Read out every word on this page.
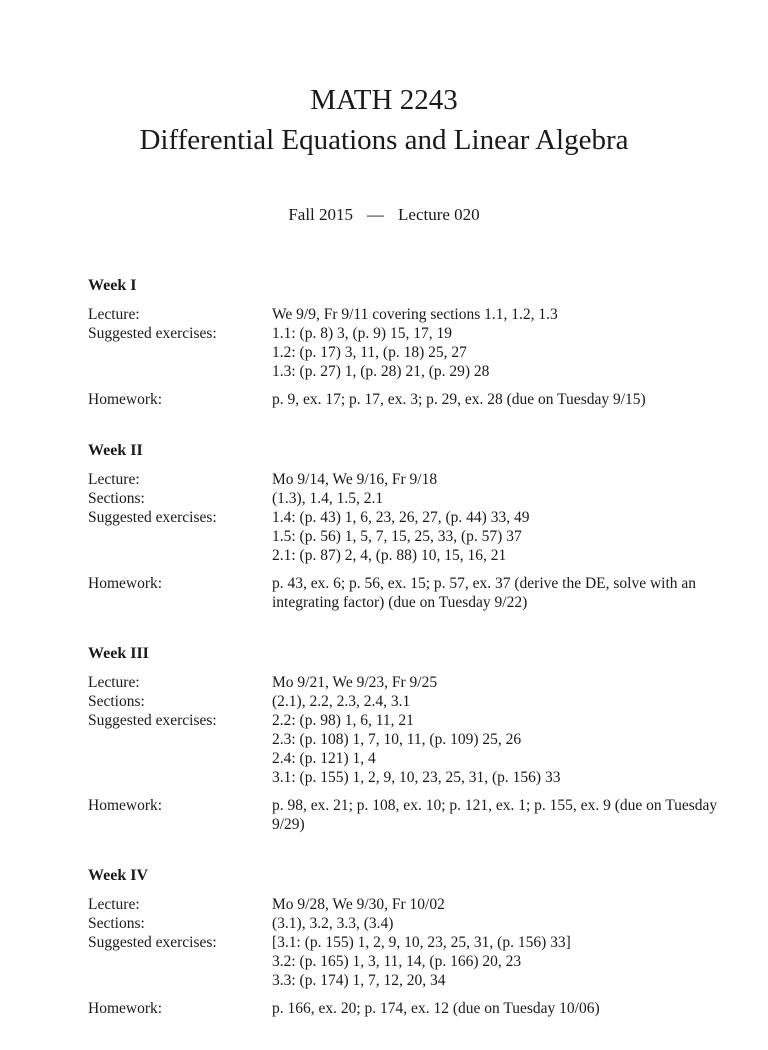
MATH 2243
Differential Equations and Linear Algebra
Fall 2015 — Lecture 020
Week I
Lecture:	We 9/9, Fr 9/11 covering sections 1.1, 1.2, 1.3
Suggested exercises:	1.1: (p. 8) 3, (p. 9) 15, 17, 19
1.2: (p. 17) 3, 11, (p. 18) 25, 27
1.3: (p. 27) 1, (p. 28) 21, (p. 29) 28
Homework:	p. 9, ex. 17; p. 17, ex. 3; p. 29, ex. 28 (due on Tuesday 9/15)
Week II
Lecture:	Mo 9/14, We 9/16, Fr 9/18
Sections:	(1.3), 1.4, 1.5, 2.1
Suggested exercises:	1.4: (p. 43) 1, 6, 23, 26, 27, (p. 44) 33, 49
1.5: (p. 56) 1, 5, 7, 15, 25, 33, (p. 57) 37
2.1: (p. 87) 2, 4, (p. 88) 10, 15, 16, 21
Homework:	p. 43, ex. 6; p. 56, ex. 15; p. 57, ex. 37 (derive the DE, solve with an
integrating factor) (due on Tuesday 9/22)
Week III
Lecture:	Mo 9/21, We 9/23, Fr 9/25
Sections:	(2.1), 2.2, 2.3, 2.4, 3.1
Suggested exercises:	2.2: (p. 98) 1, 6, 11, 21
2.3: (p. 108) 1, 7, 10, 11, (p. 109) 25, 26
2.4: (p. 121) 1, 4
3.1: (p. 155) 1, 2, 9, 10, 23, 25, 31, (p. 156) 33
Homework:	p. 98, ex. 21; p. 108, ex. 10; p. 121, ex. 1; p. 155, ex. 9 (due on Tuesday 9/29)
Week IV
Lecture:	Mo 9/28, We 9/30, Fr 10/02
Sections:	(3.1), 3.2, 3.3, (3.4)
Suggested exercises:	[3.1: (p. 155) 1, 2, 9, 10, 23, 25, 31, (p. 156) 33]
3.2: (p. 165) 1, 3, 11, 14, (p. 166) 20, 23
3.3: (p. 174) 1, 7, 12, 20, 34
Homework:	p. 166, ex. 20; p. 174, ex. 12 (due on Tuesday 10/06)
